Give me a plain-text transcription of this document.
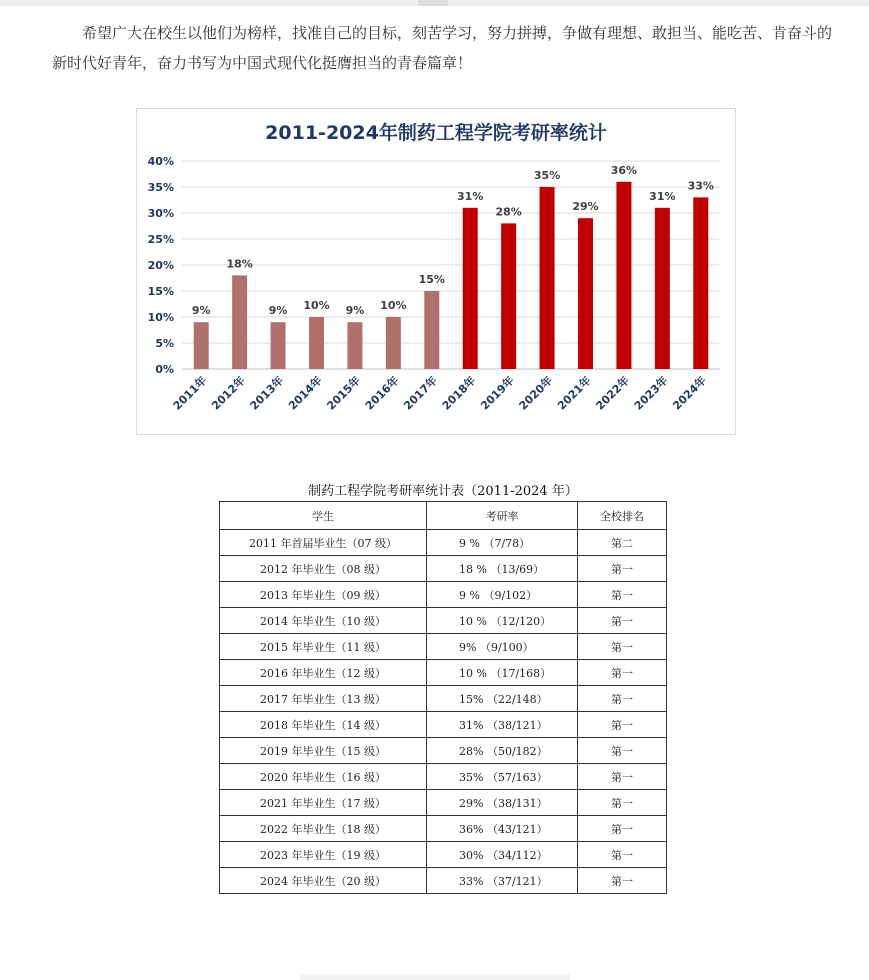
希望广大在校生以他们为榜样，找准自己的目标，刻苦学习，努力拼搏，争做有理想、敢担当、能吃苦、肯奋斗的新时代好青年，奋力书写为中国式现代化挺膺担当的青春篇章！

2011-2024年制药工程学院考研率统计
0%
5%
10%
15%
20%
25%
30%
35%
40%
9%
2011年
18%
2012年
9%
2013年
10%
2014年
9%
2015年
10%
2016年
15%
2017年
31%
2018年
28%
2019年
35%
2020年
29%
2021年
36%
2022年
31%
2023年
33%
2024年
制药工程学院考研率统计表（2011-2024 年）
学生	考研率	全校排名
2011 年首届毕业生（07 级）	9 % （7/78）	第二
2012 年毕业生（08 级）	18 % （13/69）	第一
2013 年毕业生（09 级）	9 % （9/102）	第一
2014 年毕业生（10 级）	10 % （12/120）	第一
2015 年毕业生（11 级）	9% （9/100）	第一
2016 年毕业生（12 级）	10 % （17/168）	第一
2017 年毕业生（13 级）	15% （22/148）	第一
2018 年毕业生（14 级）	31% （38/121）	第一
2019 年毕业生（15 级）	28% （50/182）	第一
2020 年毕业生（16 级）	35% （57/163）	第一
2021 年毕业生（17 级）	29% （38/131）	第一
2022 年毕业生（18 级）	36% （43/121）	第一
2023 年毕业生（19 级）	30% （34/112）	第一
2024 年毕业生（20 级）	33% （37/121）	第一
